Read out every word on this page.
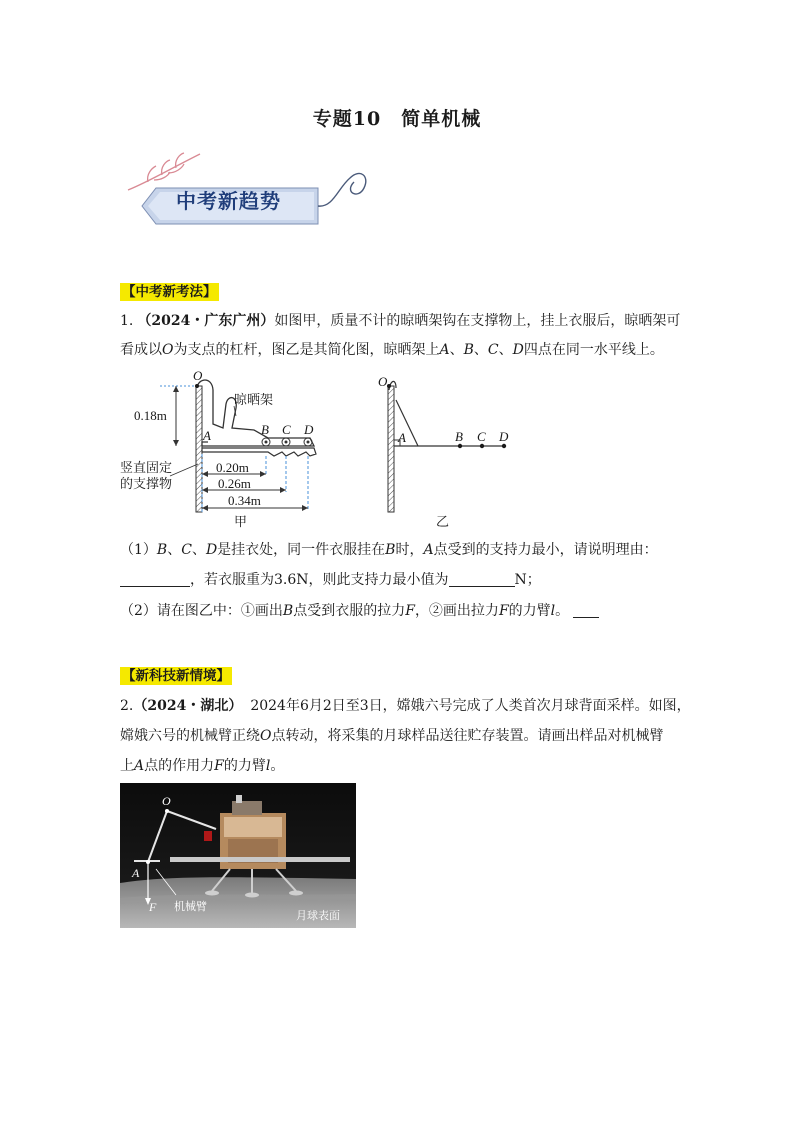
专题10　简单机械
中考新趋势
【中考新考法】
1. （2024・广东广州）如图甲，质量不计的晾晒架钩在支撑物上，挂上衣服后，晾晒架可
看成以O为支点的杠杆，图乙是其简化图，晾晒架上A、B、C、D四点在同一水平线上。
O
A	B C D
晾晒架
0.18m
0.20m
0.26m
0.34m
竖直固定
的支撑物
甲
O
A	B C D
乙
（1）B、C、D是挂衣处，同一件衣服挂在B时，A点受到的支持力最小，请说明理由：
，若衣服重为3.6N，则此支持力最小值为	N；
（2）请在图乙中：①画出B点受到衣服的拉力F，②画出拉力F的力臂l。
【新科技新情境】
2.（2024・湖北） 2024年6月2日至3日，嫦娥六号完成了人类首次月球背面采样。如图，
嫦娥六号的机械臂正绕O点转动，将采集的月球样品送往贮存装置。请画出样品对机械臂
上A点的作用力F的力臂l。
O
A
F 机械臂
月球表面
